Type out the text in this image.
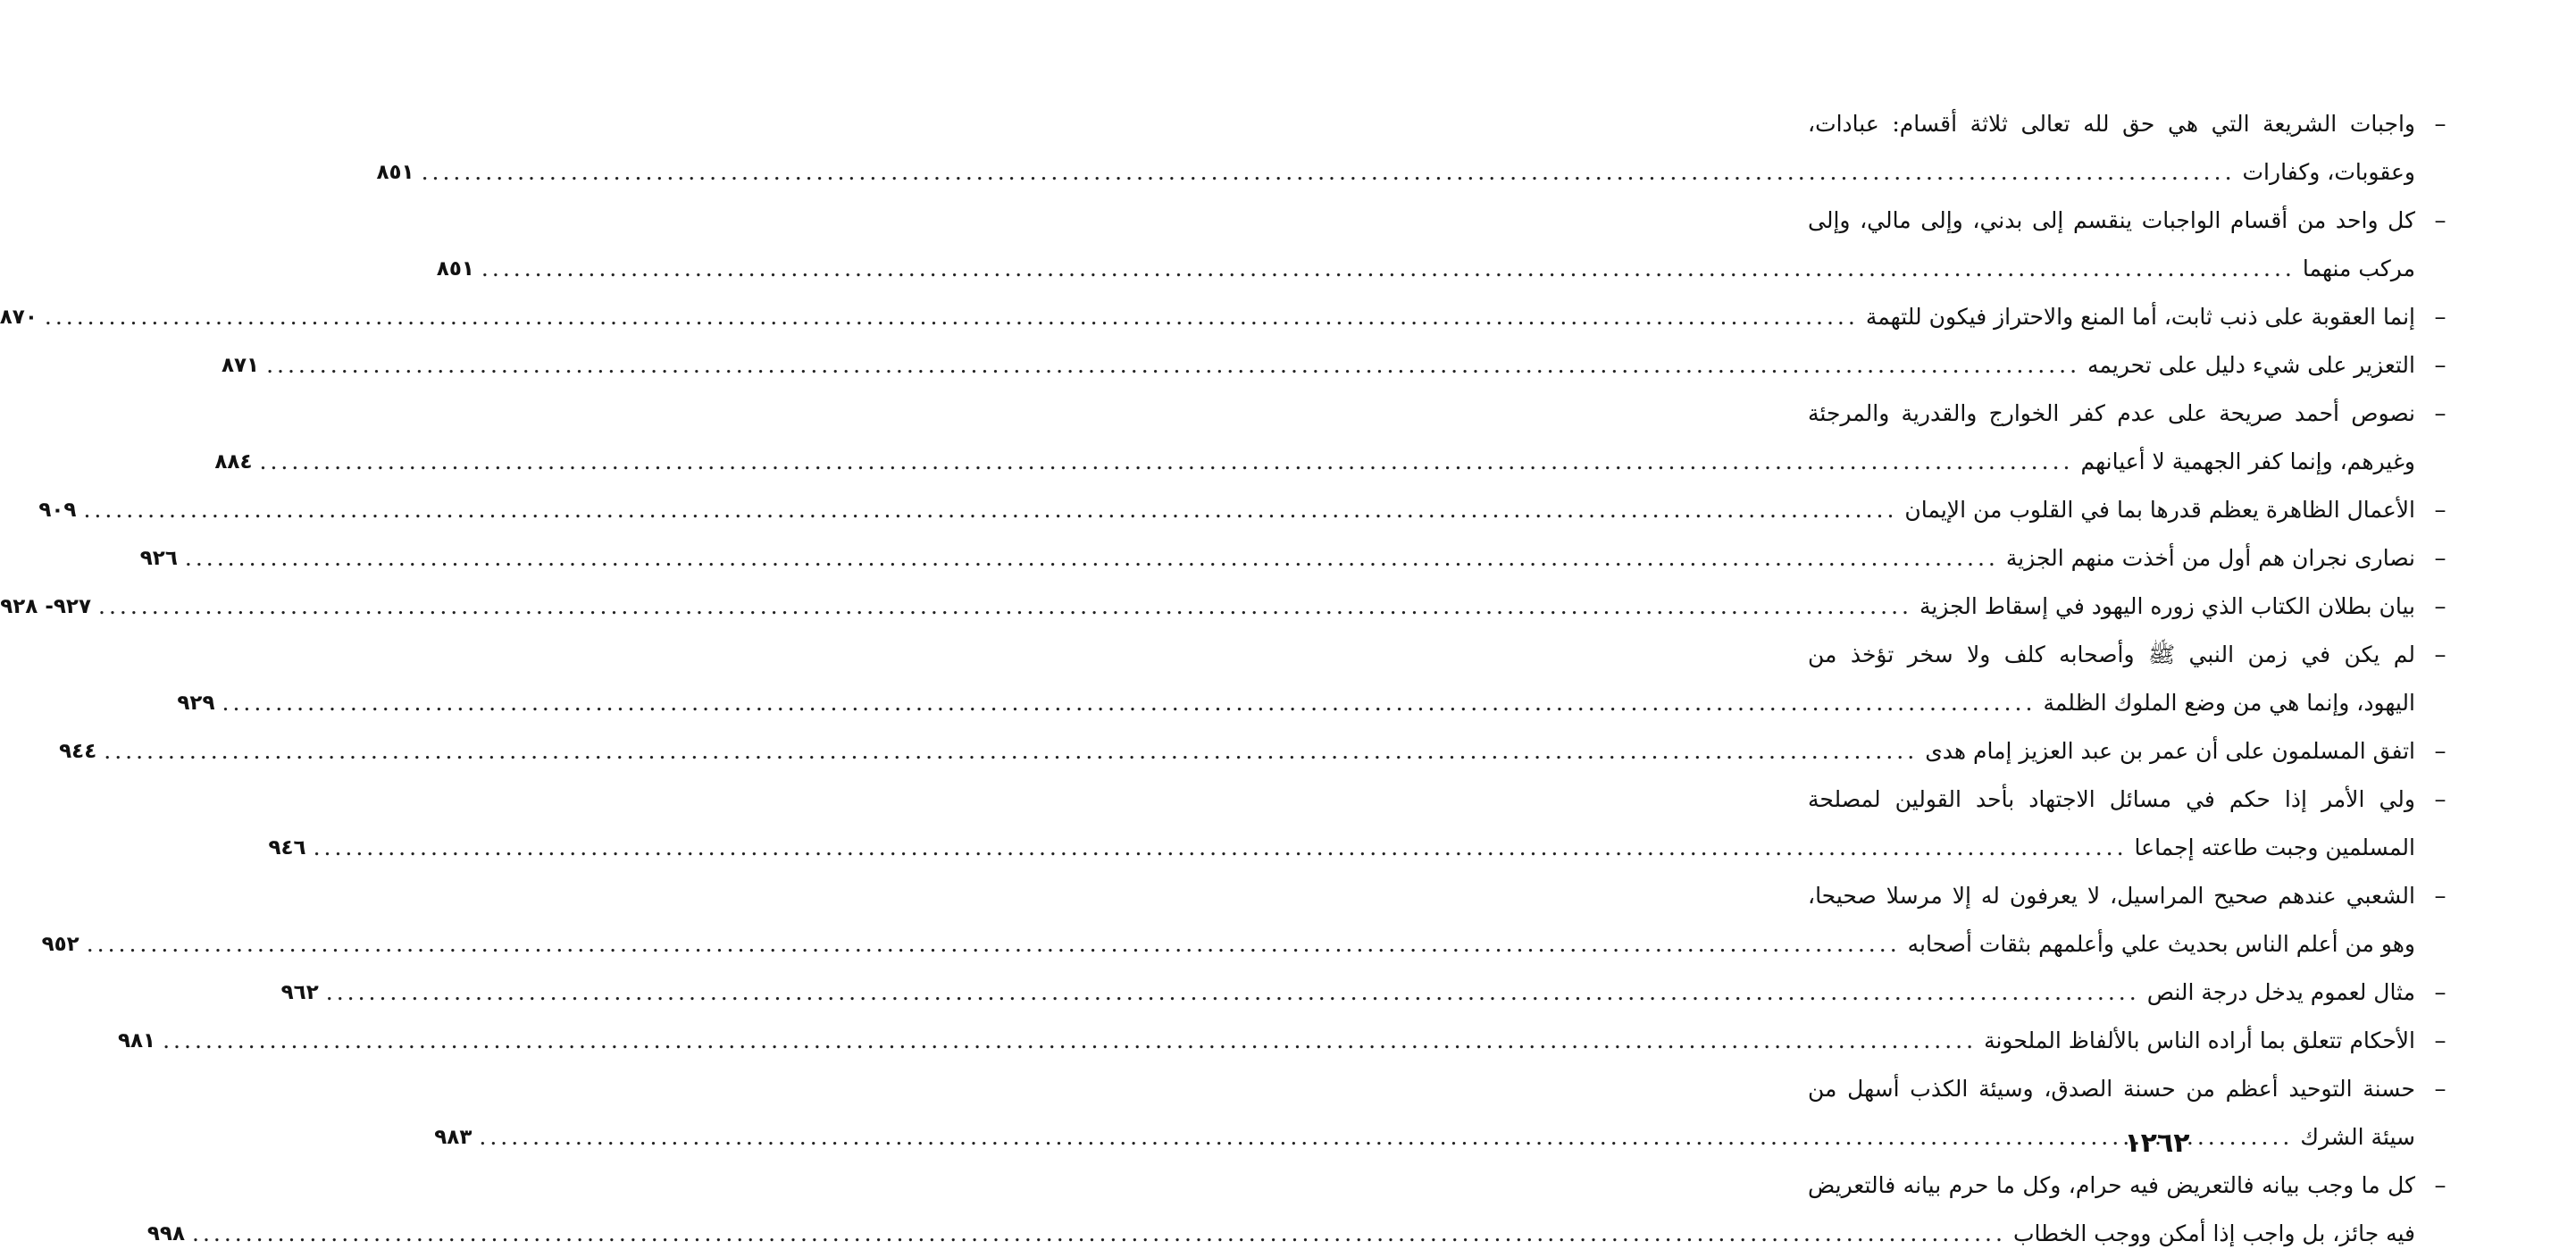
–
واجبات الشريعة التي هي حق لله تعالى ثلاثة أقسام: عبادات،
وعقوبات، وكفارات
.....
٨٥١
–
كل واحد من أقسام الواجبات ينقسم إلى بدني، وإلى مالي، وإلى
مركب منهما
.....
٨٥١
–
إنما العقوبة على ذنب ثابت، أما المنع والاحتراز فيكون للتهمة
.....
٨٧٠
–
التعزير على شيء دليل على تحريمه
.....
٨٧١
–
نصوص أحمد صريحة على عدم كفر الخوارج والقدرية والمرجئة
وغيرهم، وإنما كفر الجهمية لا أعيانهم
.....
٨٨٤
–
الأعمال الظاهرة يعظم قدرها بما في القلوب من الإيمان
.....
٩٠٩
–
نصارى نجران هم أول من أخذت منهم الجزية
.....
٩٢٦
–
بيان بطلان الكتاب الذي زوره اليهود في إسقاط الجزية
.....
٩٢٧- ٩٢٨
–
لم يكن في زمن النبي ﷺ وأصحابه كلف ولا سخر تؤخذ من
اليهود، وإنما هي من وضع الملوك الظلمة
.....
٩٢٩
–
اتفق المسلمون على أن عمر بن عبد العزيز إمام هدى
.....
٩٤٤
–
ولي الأمر إذا حكم في مسائل الاجتهاد بأحد القولين لمصلحة
المسلمين وجبت طاعته إجماعا
.....
٩٤٦
–
الشعبي عندهم صحيح المراسيل، لا يعرفون له إلا مرسلا صحيحا،
وهو من أعلم الناس بحديث علي وأعلمهم بثقات أصحابه
.....
٩٥٢
–
مثال لعموم يدخل درجة النص
.....
٩٦٢
–
الأحكام تتعلق بما أراده الناس بالألفاظ الملحونة
.....
٩٨١
–
حسنة التوحيد أعظم من حسنة الصدق، وسيئة الكذب أسهل من
سيئة الشرك
.....
٩٨٣
–
كل ما وجب بيانه فالتعريض فيه حرام، وكل ما حرم بيانه فالتعريض
فيه جائز، بل واجب إذا أمكن ووجب الخطاب
.....
٩٩٨
١٢٦٢
